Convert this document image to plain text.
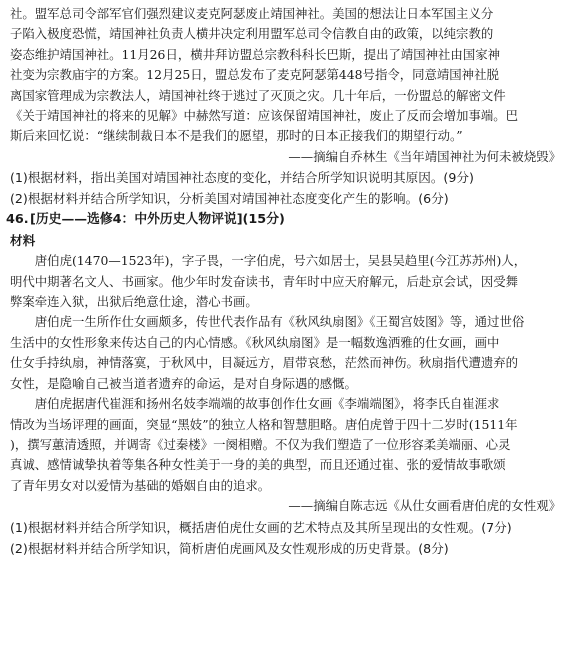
社。盟军总司令部军官们强烈建议麦克阿瑟废止靖国神社。美国的想法让日本军国主义分

子陷入极度恐慌，靖国神社负责人横井决定利用盟军总司令信教自由的政策，以纯宗教的

姿态维护靖国神社。11月26日，横井拜访盟总宗教科科长巴斯，提出了靖国神社由国家神

社变为宗教庙宇的方案。12月25日，盟总发布了麦克阿瑟第448号指令，同意靖国神社脱

离国家管理成为宗教法人，靖国神社终于逃过了灭顶之灾。几十年后，一份盟总的解密文件

《关于靖国神社的将来的见解》中赫然写道：应该保留靖国神社，废止了反而会增加事端。巴

斯后来回忆说：“继续制裁日本不是我们的愿望，那时的日本正接我们的期望行动。”

——摘编自乔林生《当年靖国神社为何未被烧毁》

(1)根据材料，指出美国对靖国神社态度的变化，并结合所学知识说明其原因。(9分)

(2)根据材料并结合所学知识，分析美国对靖国神社态度变化产生的影响。(6分)

46.[历史——选修4：中外历史人物评说](15分)

材料

唐伯虎(1470—1523年)，字子畏，一字伯虎，号六如居士，吴县吴趋里(今江苏苏州)人，

明代中期著名文人、书画家。他少年时发奋读书，青年时中应天府解元，后赴京会试，因受舞

弊案牵连入狱，出狱后绝意仕途，潜心书画。

唐伯虎一生所作仕女画颇多，传世代表作品有《秋风纨扇图》《王蜀宫妓图》等，通过世俗

生活中的女性形象来传达自己的内心情感。《秋风纨扇图》是一幅数逸洒雅的仕女画，画中

仕女手持纨扇，神情落寞，于秋风中，目凝远方，眉带哀愁，茫然而神伤。秋扇指代遭遗弃的

女性，是隐喻自己被当道者遗弃的命运，是对自身际遇的感慨。

唐伯虎据唐代崔涯和扬州名妓李端端的故事创作仕女画《李端端图》，将李氏自崔涯求

情改为当场评理的画面，突显“黑妓”的独立人格和智慧胆略。唐伯虎曾于四十二岁时(1511年

)，撰写蕙清透照，并调寄《过秦楼》一阕相赠。不仅为我们塑造了一位形容柔美端丽、心灵

真诚、感情诚挚执着等集各种女性美于一身的美的典型，而且还通过崔、张的爱情故事歌颂

了青年男女对以爱情为基础的婚姻自由的追求。

——摘编自陈志远《从仕女画看唐伯虎的女性观》

(1)根据材料并结合所学知识，概括唐伯虎仕女画的艺术特点及其所呈现出的女性观。(7分)

(2)根据材料并结合所学知识，简析唐伯虎画风及女性观形成的历史背景。(8分)
